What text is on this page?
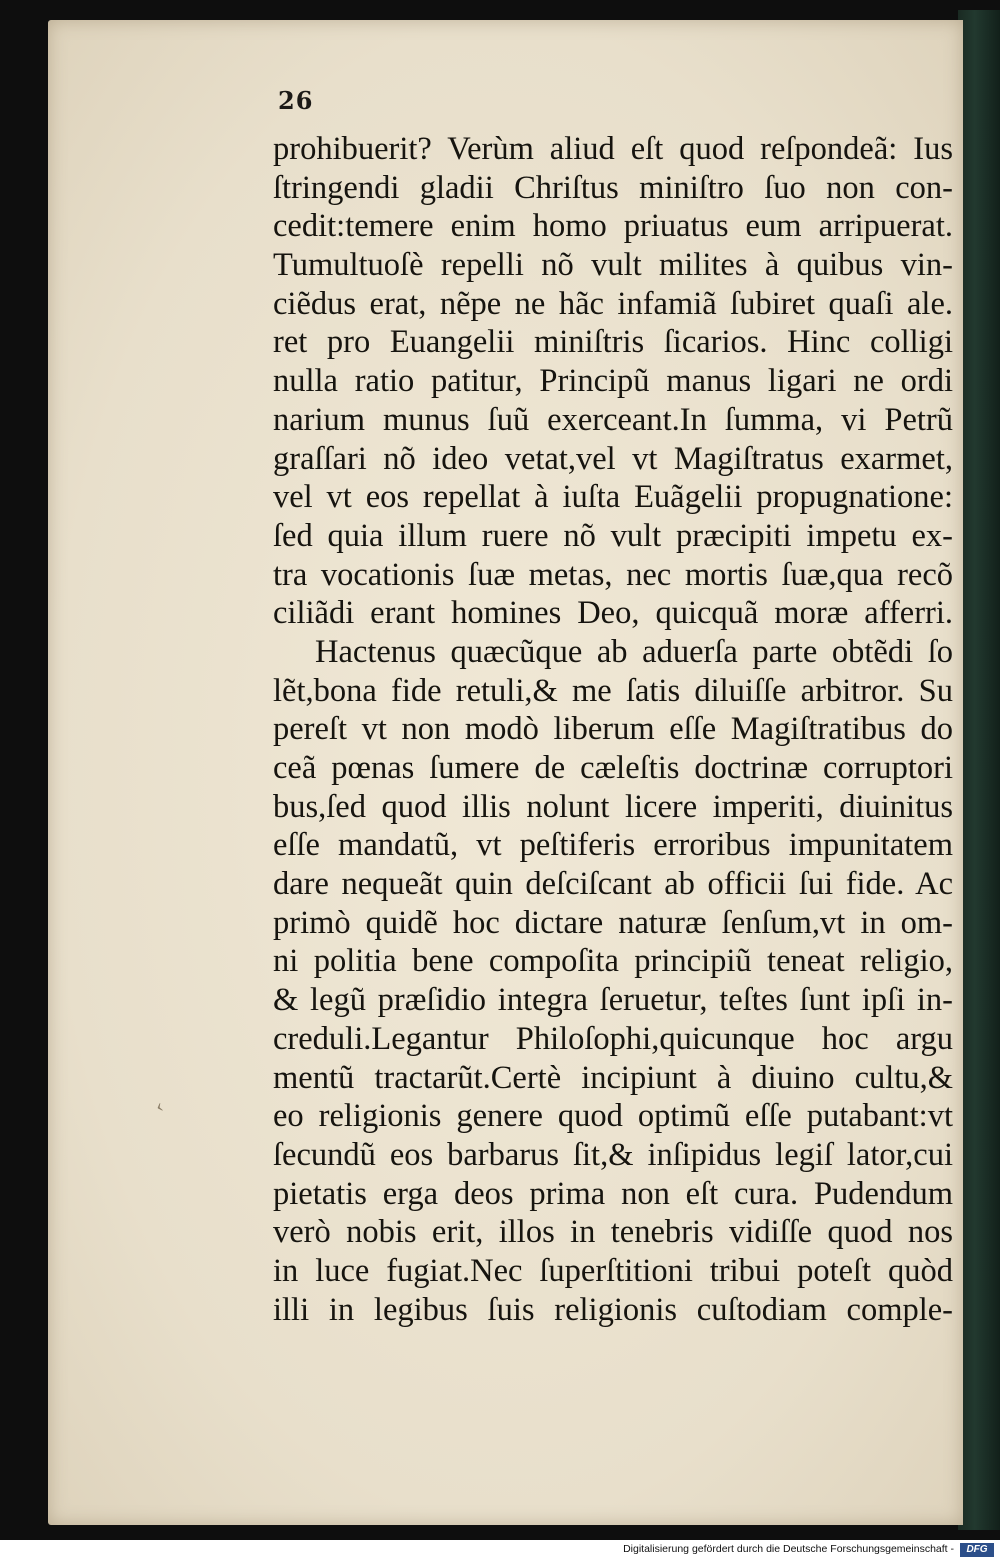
26
‹
prohibuerit? Verùm aliud eſt quod reſpondeã: Ius
ſtringendi gladii Chriſtus miniſtro ſuo non con-
cedit:temere enim homo priuatus eum arripuerat.
Tumultuoſè repelli nõ vult milites à quibus vin-
ciẽdus erat, nẽpe ne hãc infamiã ſubiret quaſi ale.
ret pro Euangelii miniſtris ſicarios. Hinc colligi
nulla ratio patitur, Principũ manus ligari ne ordi
narium munus ſuũ exerceant.In ſumma, vi Petrũ
graſſari nõ ideo vetat,vel vt Magiſtratus exarmet,
vel vt eos repellat à iuſta Euãgelii propugnatione:
ſed quia illum ruere nõ vult præcipiti impetu ex-
tra vocationis ſuæ metas, nec mortis ſuæ,qua recõ
ciliãdi erant homines Deo, quicquã moræ afferri.
Hactenus quæcũque ab aduerſa parte obtẽdi ſo
lẽt,bona fide retuli,& me ſatis diluiſſe arbitror. Su
pereſt vt non modò liberum eſſe Magiſtratibus do
ceã pœnas ſumere de cæleſtis doctrinæ corruptori
bus,ſed quod illis nolunt licere imperiti, diuinitus
eſſe mandatũ, vt peſtiferis erroribus impunitatem
dare nequeãt quin deſciſcant ab officii ſui fide. Ac
primò quidẽ hoc dictare naturæ ſenſum,vt in om-
ni politia bene compoſita principiũ teneat religio,
& legũ præſidio integra ſeruetur, teſtes ſunt ipſi in-
creduli.Legantur Philoſophi,quicunque hoc argu
mentũ tractarũt.Certè incipiunt à diuino cultu,&
eo religionis genere quod optimũ eſſe putabant:vt
ſecundũ eos barbarus ſit,& inſipidus legiſ lator,cui
pietatis erga deos prima non eſt cura. Pudendum
verò nobis erit, illos in tenebris vidiſſe quod nos
in luce fugiat.Nec ſuperſtitioni tribui poteſt quòd
illi in legibus ſuis religionis cuſtodiam comple-
Digitalisierung gefördert durch die Deutsche Forschungsgemeinschaft -	DFG
